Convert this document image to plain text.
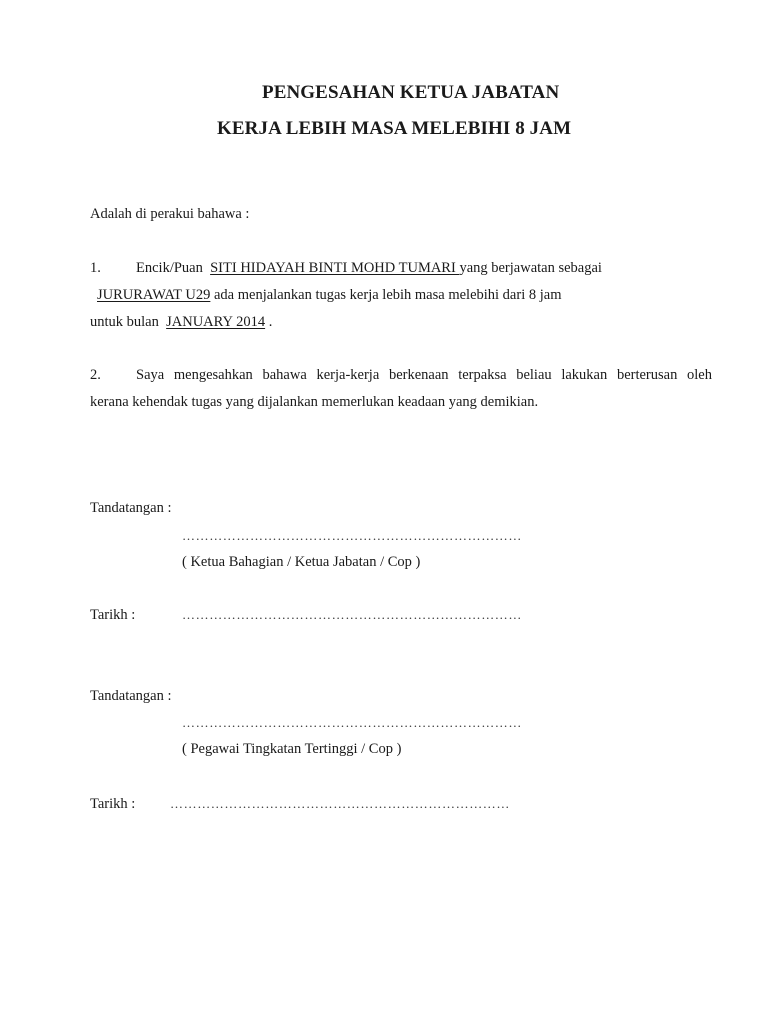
PENGESAHAN KETUA JABATAN
KERJA LEBIH MASA MELEBIHI 8 JAM
Adalah di perakui bahawa :
1. Encik/Puan SITI HIDAYAH BINTI MOHD TUMARI yang berjawatan sebagai
JURURAWAT U29 ada menjalankan tugas kerja lebih masa melebihi dari 8 jam
untuk bulan  JANUARY 2014 .
2. Saya mengesahkan bahawa kerja-kerja berkenaan terpaksa beliau lakukan berterusan oleh
kerana kehendak tugas yang dijalankan memerlukan keadaan yang demikian.
Tandatangan :
…………………………………………………………………
( Ketua Bahagian / Ketua Jabatan / Cop )
Tarikh :	…………………………………………………………………
Tandatangan :
…………………………………………………………………
( Pegawai Tingkatan Tertinggi / Cop )
Tarikh :	…………………………………………………………………
